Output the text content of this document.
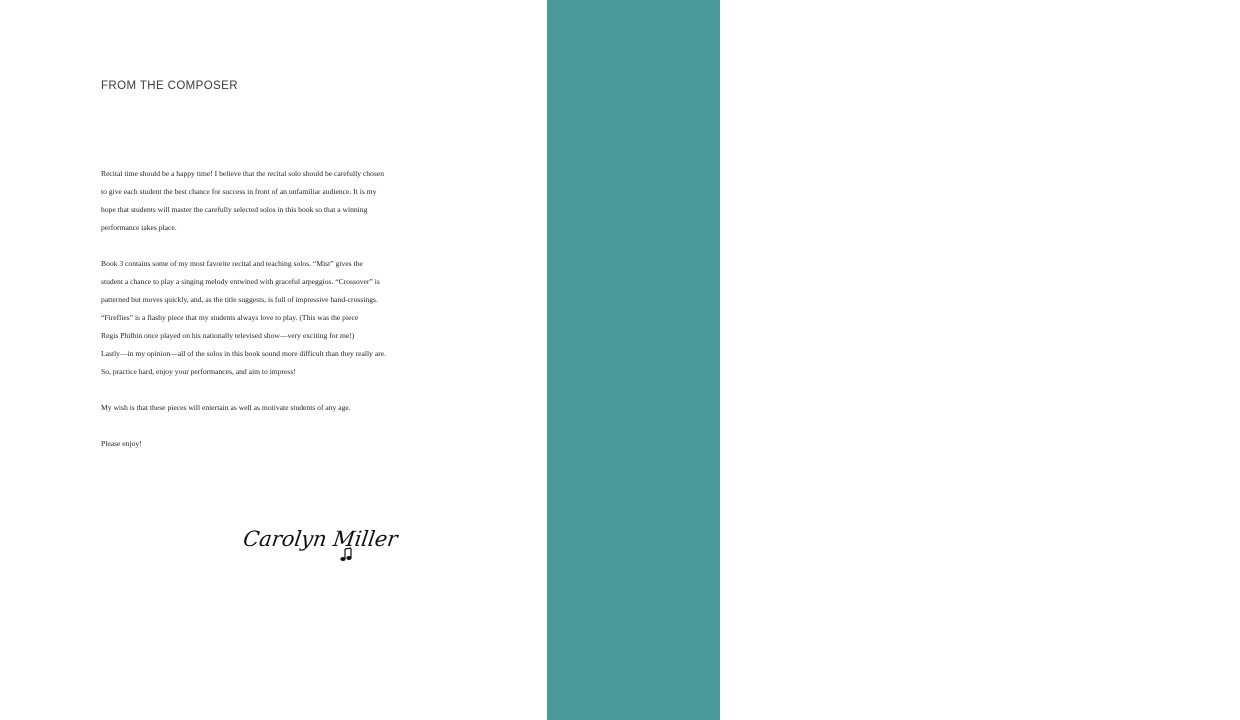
FROM THE COMPOSER

Recital time should be a happy time! I believe that the recital solo should be carefully chosen
to give each student the best chance for success in front of an unfamiliar audience. It is my
hope that students will master the carefully selected solos in this book so that a winning
performance takes place.

Book 3 contains some of my most favorite recital and teaching solos. “Mist” gives the
student a chance to play a singing melody entwined with graceful arpeggios. “Crossover” is
patterned but moves quickly, and, as the title suggests, is full of impressive hand-crossings.
“Fireflies” is a flashy piece that my students always love to play. (This was the piece
Regis Philbin once played on his nationally televised show—very exciting for me!)
Lastly—in my opinion—all of the solos in this book sound more difficult than they really are.
So, practice hard, enjoy your performances, and aim to impress!

My wish is that these pieces will entertain as well as motivate students of any age.

Please enjoy!

Carolyn Miller
島 嶼
樂 集
island music
